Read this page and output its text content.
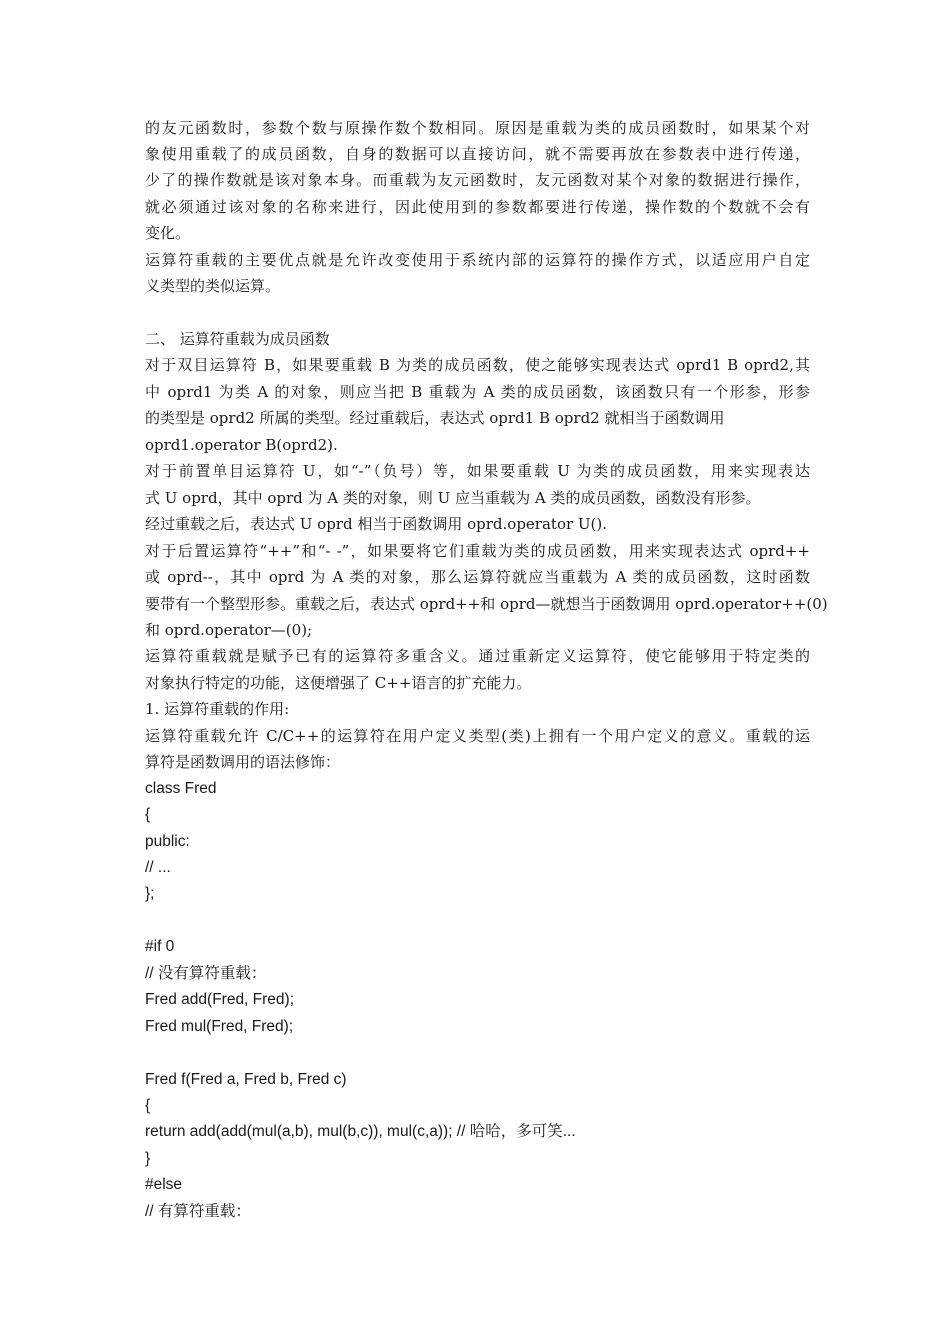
的友元函数时，参数个数与原操作数个数相同。原因是重载为类的成员函数时，如果某个对
象使用重载了的成员函数，自身的数据可以直接访问，就不需要再放在参数表中进行传递，
少了的操作数就是该对象本身。而重载为友元函数时，友元函数对某个对象的数据进行操作，
就必须通过该对象的名称来进行，因此使用到的参数都要进行传递，操作数的个数就不会有
变化。
运算符重载的主要优点就是允许改变使用于系统内部的运算符的操作方式，以适应用户自定
义类型的类似运算。
二、 运算符重载为成员函数
对于双目运算符 B，如果要重载 B 为类的成员函数，使之能够实现表达式 oprd1 B oprd2,其
中 oprd1 为类 A 的对象，则应当把 B 重载为 A 类的成员函数，该函数只有一个形参，形参
的类型是 oprd2 所属的类型。经过重载后，表达式 oprd1 B oprd2 就相当于函数调用
oprd1.operator B(oprd2).
对于前置单目运算符 U，如“-”（负号）等，如果要重载 U 为类的成员函数，用来实现表达
式 U oprd，其中 oprd 为 A 类的对象，则 U 应当重载为 A 类的成员函数，函数没有形参。
经过重载之后，表达式 U oprd 相当于函数调用 oprd.operator U().
对于后置运算符“++”和“- -”，如果要将它们重载为类的成员函数，用来实现表达式 oprd++
或 oprd--，其中 oprd 为 A 类的对象，那么运算符就应当重载为 A 类的成员函数，这时函数
要带有一个整型形参。重载之后，表达式 oprd++和 oprd—就想当于函数调用 oprd.operator++(0)
和 oprd.operator—(0);
运算符重载就是赋予已有的运算符多重含义。通过重新定义运算符，使它能够用于特定类的
对象执行特定的功能，这便增强了 C++语言的扩充能力。
1. 运算符重载的作用:
运算符重载允许 C/C++的运算符在用户定义类型(类)上拥有一个用户定义的意义。重载的运
算符是函数调用的语法修饰：
class Fred
{
public:
// ...
};
#if 0
// 没有算符重载：
Fred add(Fred, Fred);
Fred mul(Fred, Fred);
Fred f(Fred a, Fred b, Fred c)
{
return add(add(mul(a,b), mul(b,c)), mul(c,a)); // 哈哈，多可笑...
}
#else
// 有算符重载：
